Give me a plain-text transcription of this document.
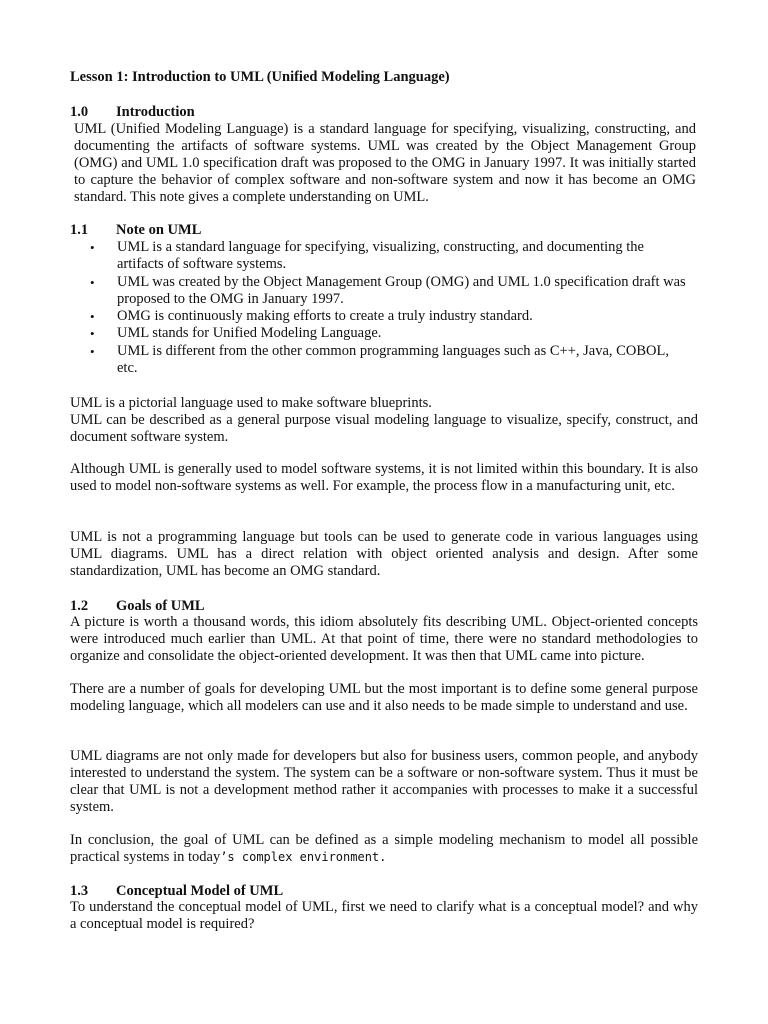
Lesson 1: Introduction to UML (Unified Modeling Language)
1.0 Introduction

UML (Unified Modeling Language) is a standard language for specifying, visualizing, constructing, and documenting the artifacts of software systems. UML was created by the Object Management Group (OMG) and UML 1.0 specification draft was proposed to the OMG in January 1997. It was initially started to capture the behavior of complex software and non-software system and now it has become an OMG standard. This note gives a complete understanding on UML.

1.1 Note on UML
•	UML is a standard language for specifying, visualizing, constructing, and documenting the artifacts of software systems.
•	UML was created by the Object Management Group (OMG) and UML 1.0 specification draft was proposed to the OMG in January 1997.
•	OMG is continuously making efforts to create a truly industry standard.
•	UML stands for Unified Modeling Language.
•	UML is different from the other common programming languages such as C++, Java, COBOL, etc.

UML is a pictorial language used to make software blueprints.
UML can be described as a general purpose visual modeling language to visualize, specify, construct, and document software system.

Although UML is generally used to model software systems, it is not limited within this boundary. It is also used to model non-software systems as well. For example, the process flow in a manufacturing unit, etc.

UML is not a programming language but tools can be used to generate code in various languages using UML diagrams. UML has a direct relation with object oriented analysis and design. After some standardization, UML has become an OMG standard.

1.2 Goals of UML

A picture is worth a thousand words, this idiom absolutely fits describing UML. Object-oriented concepts were introduced much earlier than UML. At that point of time, there were no standard methodologies to organize and consolidate the object-oriented development. It was then that UML came into picture.

There are a number of goals for developing UML but the most important is to define some general purpose modeling language, which all modelers can use and it also needs to be made simple to understand and use.

UML diagrams are not only made for developers but also for business users, common people, and anybody interested to understand the system. The system can be a software or non-software system. Thus it must be clear that UML is not a development method rather it accompanies with processes to make it a successful system.

In conclusion, the goal of UML can be defined as a simple modeling mechanism to model all possible practical systems in today’s complex environment.

1.3 Conceptual Model of UML

To understand the conceptual model of UML, first we need to clarify what is a conceptual model? and why a conceptual model is required?
